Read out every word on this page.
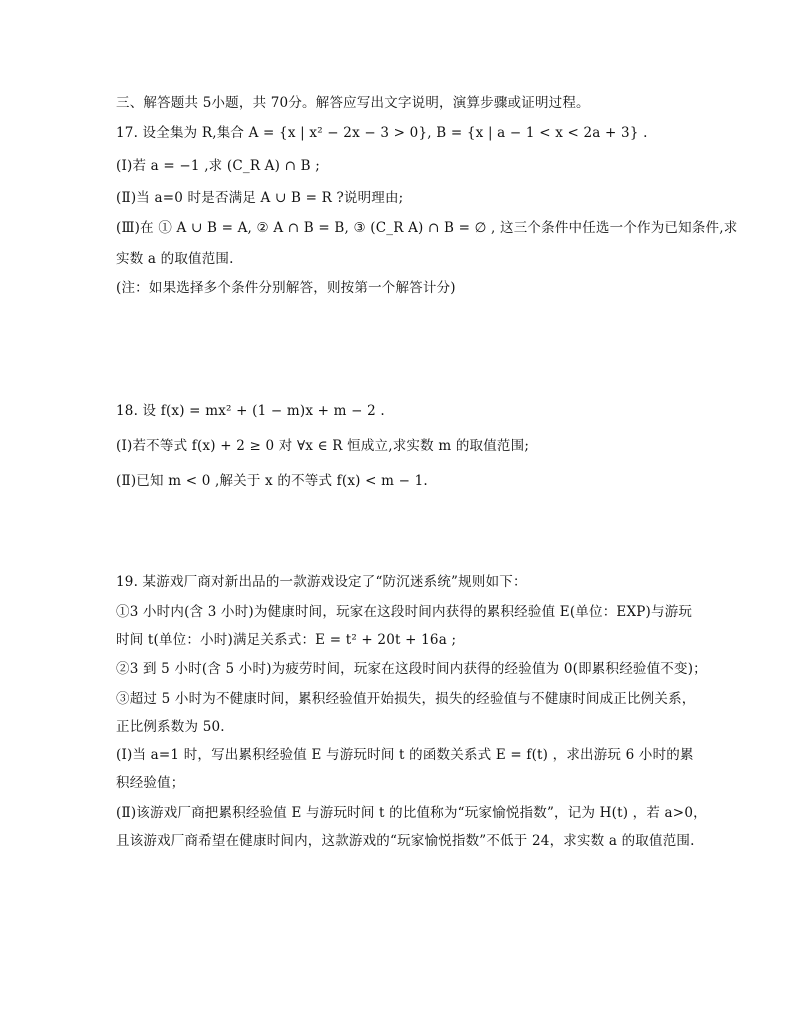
三、解答题共 5小题，共 70分。解答应写出文字说明，演算步骤或证明过程。
17. 设全集为 R,集合 A = {x | x² − 2x − 3 > 0}, B = {x | a − 1 < x < 2a + 3} .
(Ⅰ)若 a = −1 ,求 (C_R A) ∩ B ;
(Ⅱ)当 a=0 时是否满足 A ∪ B = R ?说明理由;
(Ⅲ)在 ① A ∪ B = A, ② A ∩ B = B, ③ (C_R A) ∩ B = ∅ , 这三个条件中任选一个作为已知条件,求
实数 a 的取值范围.
(注：如果选择多个条件分别解答，则按第一个解答计分)
18. 设 f(x) = mx² + (1 − m)x + m − 2 .
(Ⅰ)若不等式 f(x) + 2 ≥ 0 对 ∀x ∈ R 恒成立,求实数 m 的取值范围;
(Ⅱ)已知 m < 0 ,解关于 x 的不等式 f(x) < m − 1.
19. 某游戏厂商对新出品的一款游戏设定了“防沉迷系统”规则如下：
①3 小时内(含 3 小时)为健康时间，玩家在这段时间内获得的累积经验值 E(单位：EXP)与游玩
时间 t(单位：小时)满足关系式：E = t² + 20t + 16a ;
②3 到 5 小时(含 5 小时)为疲劳时间，玩家在这段时间内获得的经验值为 0(即累积经验值不变)；
③超过 5 小时为不健康时间，累积经验值开始损失，损失的经验值与不健康时间成正比例关系，
正比例系数为 50.
(Ⅰ)当 a=1 时，写出累积经验值 E 与游玩时间 t 的函数关系式 E = f(t) ，求出游玩 6 小时的累
积经验值；
(Ⅱ)该游戏厂商把累积经验值 E 与游玩时间 t 的比值称为“玩家愉悦指数”，记为 H(t) ，若 a>0，
且该游戏厂商希望在健康时间内，这款游戏的“玩家愉悦指数”不低于 24，求实数 a 的取值范围.
